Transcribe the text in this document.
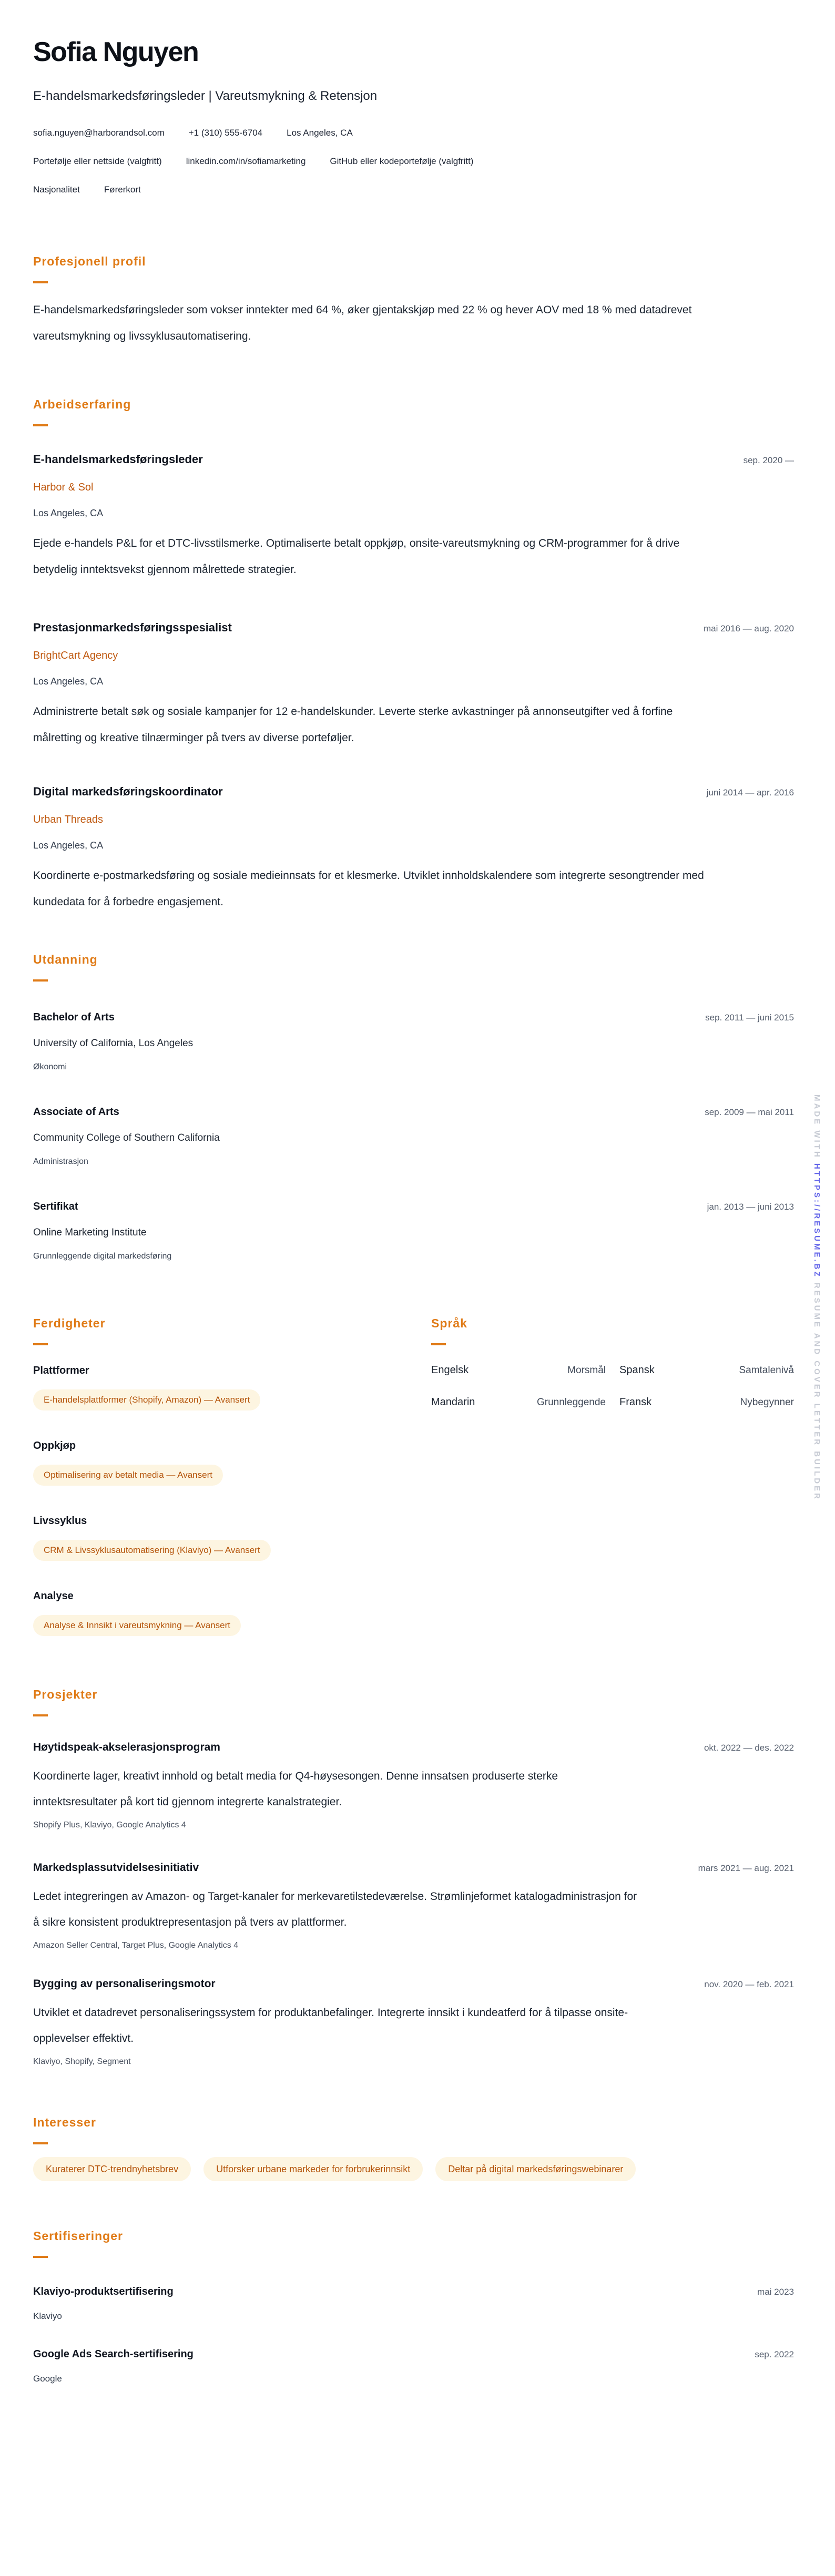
Sofia Nguyen
E-handelsmarkedsføringsleder | Vareutsmykning & Retensjon
sofia.nguyen@harborandsol.com	+1 (310) 555-6704	Los Angeles, CA
Portefølje eller nettside (valgfritt)	linkedin.com/in/sofiamarketing	GitHub eller kodeportefølje (valgfritt)
Nasjonalitet	Førerkort
Profesjonell profil

E-handelsmarkedsføringsleder som vokser inntekter med 64 %, øker gjentakskjøp med 22 % og hever AOV med 18 % med datadrevet vareutsmykning og livssyklusautomatisering.

Arbeidserfaring
E-handelsmarkedsføringsleder	sep. 2020 —
Harbor & Sol
Los Angeles, CA

Ejede e-handels P&L for et DTC-livsstilsmerke. Optimaliserte betalt oppkjøp, onsite-vareutsmykning og CRM-programmer for å drive betydelig inntektsvekst gjennom målrettede strategier.

Prestasjonmarkedsføringsspesialist	mai 2016 — aug. 2020
BrightCart Agency
Los Angeles, CA

Administrerte betalt søk og sosiale kampanjer for 12 e-handelskunder. Leverte sterke avkastninger på annonseutgifter ved å forfine målretting og kreative tilnærminger på tvers av diverse porteføljer.

Digital markedsføringskoordinator	juni 2014 — apr. 2016
Urban Threads
Los Angeles, CA

Koordinerte e-postmarkedsføring og sosiale medieinnsats for et klesmerke. Utviklet innholdskalendere som integrerte sesongtrender med kundedata for å forbedre engasjement.

Utdanning
Bachelor of Arts	sep. 2011 — juni 2015
University of California, Los Angeles
Økonomi
Associate of Arts	sep. 2009 — mai 2011
Community College of Southern California
Administrasjon
Sertifikat	jan. 2013 — juni 2013
Online Marketing Institute
Grunnleggende digital markedsføring
Ferdigheter
Plattformer
E-handelsplattformer (Shopify, Amazon) — Avansert
Oppkjøp
Optimalisering av betalt media — Avansert
Livssyklus
CRM & Livssyklusautomatisering (Klaviyo) — Avansert
Analyse
Analyse & Innsikt i vareutsmykning — Avansert
Språk
Engelsk	Morsmål Spansk	Samtalenivå
Mandarin	Grunnleggende Fransk	Nybegynner
Prosjekter
Høytidspeak-akselerasjonsprogram	okt. 2022 — des. 2022

Koordinerte lager, kreativt innhold og betalt media for Q4-høysesongen. Denne innsatsen produserte sterke inntektsresultater på kort tid gjennom integrerte kanalstrategier.

Shopify Plus, Klaviyo, Google Analytics 4
Markedsplassutvidelsesinitiativ	mars 2021 — aug. 2021

Ledet integreringen av Amazon- og Target-kanaler for merkevaretilstedeværelse. Strømlinjeformet katalogadministrasjon for å sikre konsistent produktrepresentasjon på tvers av plattformer.

Amazon Seller Central, Target Plus, Google Analytics 4
Bygging av personaliseringsmotor	nov. 2020 — feb. 2021

Utviklet et datadrevet personaliseringssystem for produktanbefalinger. Integrerte innsikt i kundeatferd for å tilpasse onsite-opplevelser effektivt.

Klaviyo, Shopify, Segment
Interesser
Kuraterer DTC-trendnyhetsbrev	Utforsker urbane markeder for forbrukerinnsikt	Deltar på digital markedsføringswebinarer
Sertifiseringer
Klaviyo-produktsertifisering	mai 2023
Klaviyo
Google Ads Search-sertifisering	sep. 2022
Google
MADE WITH HTTPS://RESUME.BZ RESUME AND COVER LETTER BUILDER
